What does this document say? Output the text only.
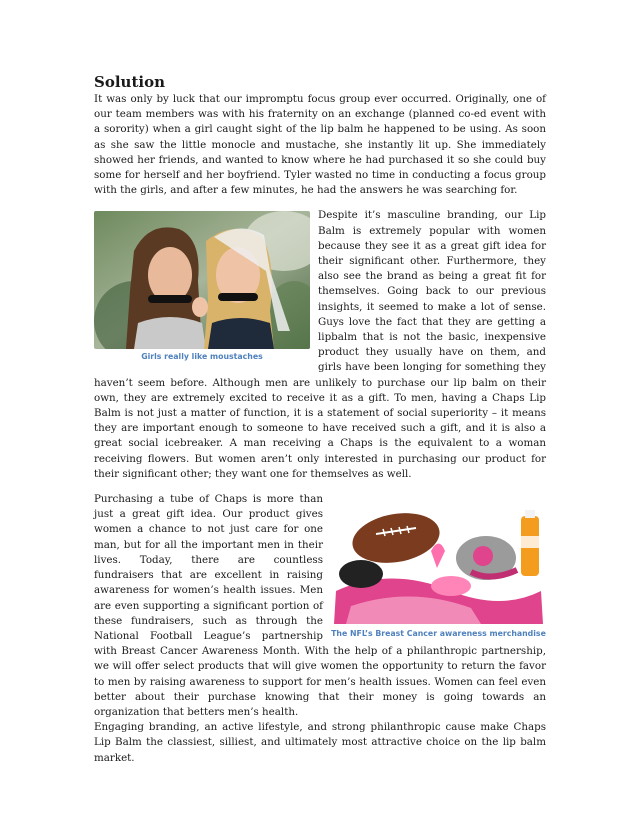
Solution

It was only by luck that our impromptu focus group ever occurred. Originally, one of our team members was with his fraternity on an exchange (planned co-ed event with a sorority) when a girl caught sight of the lip balm he happened to be using. As soon as she saw the little monocle and mustache, she instantly lit up. She immediately showed her friends, and wanted to know where he had purchased it so she could buy some for herself and her boyfriend. Tyler wasted no time in conducting a focus group with the girls, and after a few minutes, he had the answers he was searching for.

Girls really like moustaches

Despite it’s masculine branding, our Lip Balm is extremely popular with women because they see it as a great gift idea for their significant other. Furthermore, they also see the brand as being a great fit for themselves. Going back to our previous insights, it seemed to make a lot of sense. Guys love the fact that they are getting a lipbalm that is not the basic, inexpensive product they usually have on them, and girls have been longing for something they haven’t seem before. Although men are unlikely to purchase our lip balm on their own, they are extremely excited to receive it as a gift. To men, having a Chaps Lip Balm is not just a matter of function, it is a statement of social superiority – it means they are important enough to someone to have received such a gift, and it is also a great social icebreaker. A man receiving a Chaps is the equivalent to a woman receiving flowers. But women aren’t only interested in purchasing our product for their significant other; they want one for themselves as well.

The NFL’s Breast Cancer awareness merchandise

Purchasing a tube of Chaps is more than just a great gift idea. Our product gives women a chance to not just care for one man, but for all the important men in their lives. Today, there are countless fundraisers that are excellent in raising awareness for women’s health issues. Men are even supporting a significant portion of these fundraisers, such as through the National Football League’s partnership with Breast Cancer Awareness Month. With the help of a philanthropic partnership, we will offer select products that will give women the opportunity to return the favor to men by raising awareness to support for men’s health issues. Women can feel even better about their purchase knowing that their money is going towards an organization that betters men’s health.

Engaging branding, an active lifestyle, and strong philanthropic cause make Chaps Lip Balm the classiest, silliest, and ultimately most attractive choice on the lip balm market.
